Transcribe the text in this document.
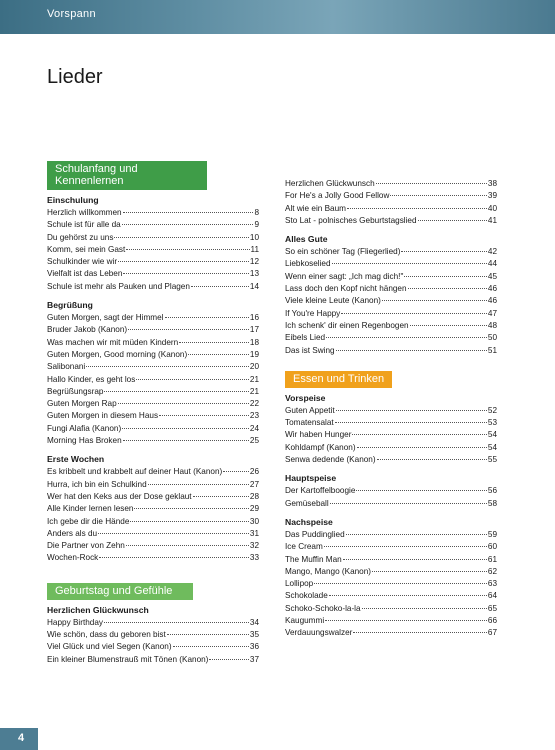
Vorspann
Lieder
Schulanfang und Kennenlernen
Einschulung
Herzlich willkommen	8
Schule ist für alle da	9
Du gehörst zu uns	10
Komm, sei mein Gast	11
Schulkinder wie wir	12
Vielfalt ist das Leben	13
Schule ist mehr als Pauken und Plagen	14
Begrüßung
Guten Morgen, sagt der Himmel	16
Bruder Jakob (Kanon)	17
Was machen wir mit müden Kindern	18
Guten Morgen, Good morning (Kanon)	19
Salibonani	20
Hallo Kinder, es geht los	21
Begrüßungsrap	21
Guten Morgen Rap	22
Guten Morgen in diesem Haus	23
Fungi Alafia (Kanon)	24
Morning Has Broken	25
Erste Wochen
Es kribbelt und krabbelt auf deiner Haut (Kanon)	26
Hurra, ich bin ein Schulkind	27
Wer hat den Keks aus der Dose geklaut	28
Alle Kinder lernen lesen	29
Ich gebe dir die Hände	30
Anders als du	31
Die Partner von Zehn	32
Wochen-Rock	33
Geburtstag und Gefühle
Herzlichen Glückwunsch
Happy Birthday	34
Wie schön, dass du geboren bist	35
Viel Glück und viel Segen (Kanon)	36
Ein kleiner Blumenstrauß mit Tönen (Kanon)	37
Herzlichen Glückwunsch	38
For He's a Jolly Good Fellow	39
Alt wie ein Baum	40
Sto Lat - polnisches Geburtstagslied	41
Alles Gute
So ein schöner Tag (Fliegerlied)	42
Liebkoselied	44
Wenn einer sagt: „Ich mag dich!"	45
Lass doch den Kopf nicht hängen	46
Viele kleine Leute (Kanon)	46
If You're Happy	47
Ich schenk' dir einen Regenbogen	48
Eibels Lied	50
Das ist Swing	51
Essen und Trinken
Vorspeise
Guten Appetit	52
Tomatensalat	53
Wir haben Hunger	54
Kohldampf (Kanon)	54
Senwa dedende (Kanon)	55
Hauptspeise
Der Kartoffelboogie	56
Gemüseball	58
Nachspeise
Das Puddinglied	59
Ice Cream	60
The Muffin Man	61
Mango, Mango (Kanon)	62
Lollipop	63
Schokolade	64
Schoko-Schoko-la-la	65
Kaugummi	66
Verdauungswalzer	67
4
